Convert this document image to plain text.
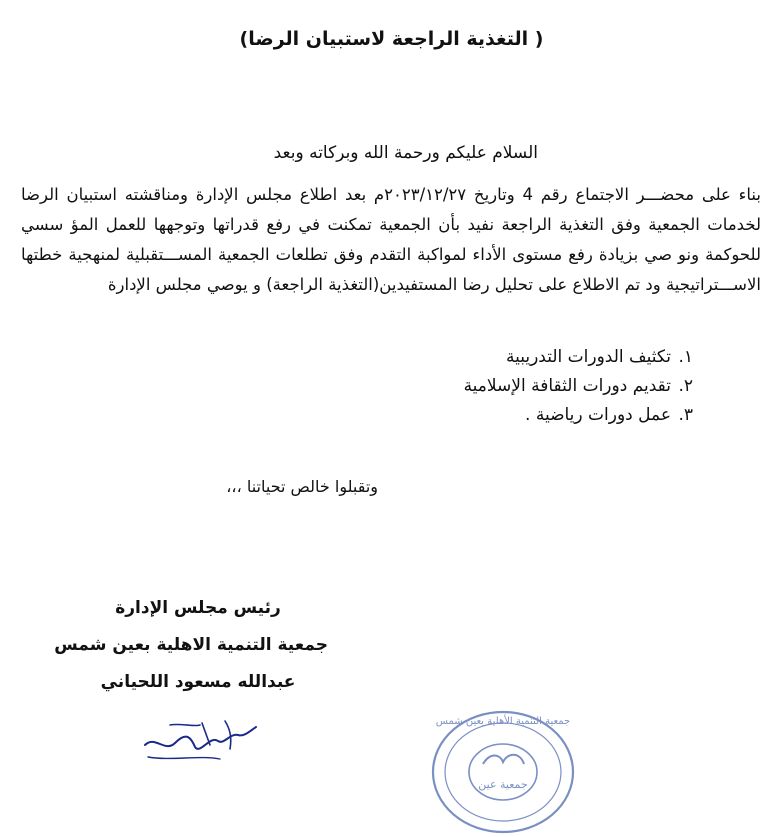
( التغذية الراجعة لاستبيان الرضا)

السلام عليكم ورحمة الله وبركاته وبعد

بناء على محضـــر الاجتماع رقم 4 وتاريخ ٢٠٢٣/١٢/٢٧م بعد اطلاع مجلس الإدارة ومناقشته استبيان الرضا لخدمات الجمعية وفق التغذية الراجعة نفيد بأن الجمعية تمكنت في رفع قدراتها وتوجهها للعمل المؤ سسي للحوكمة ونو صي بزيادة رفع مستوى الأداء لمواكبة التقدم وفق تطلعات الجمعية المســـتقبلية لمنهجية خطتها الاســـتراتيجية ود تم الاطلاع على تحليل رضا المستفيدين(التغذية الراجعة) و يوصي مجلس الإدارة

١.تكثيف الدورات التدريبية
٢.تقديم دورات الثقافة الإسلامية
٣.عمل دورات رياضية .

وتقبلوا خالص تحياتنا ،،،

رئيس مجلس الإدارة
جمعية التنمية الاهلية بعين شمس
عبدالله مسعود اللحياني
جمعية عين
جمعية التنمية الأهلية بعين شمس
